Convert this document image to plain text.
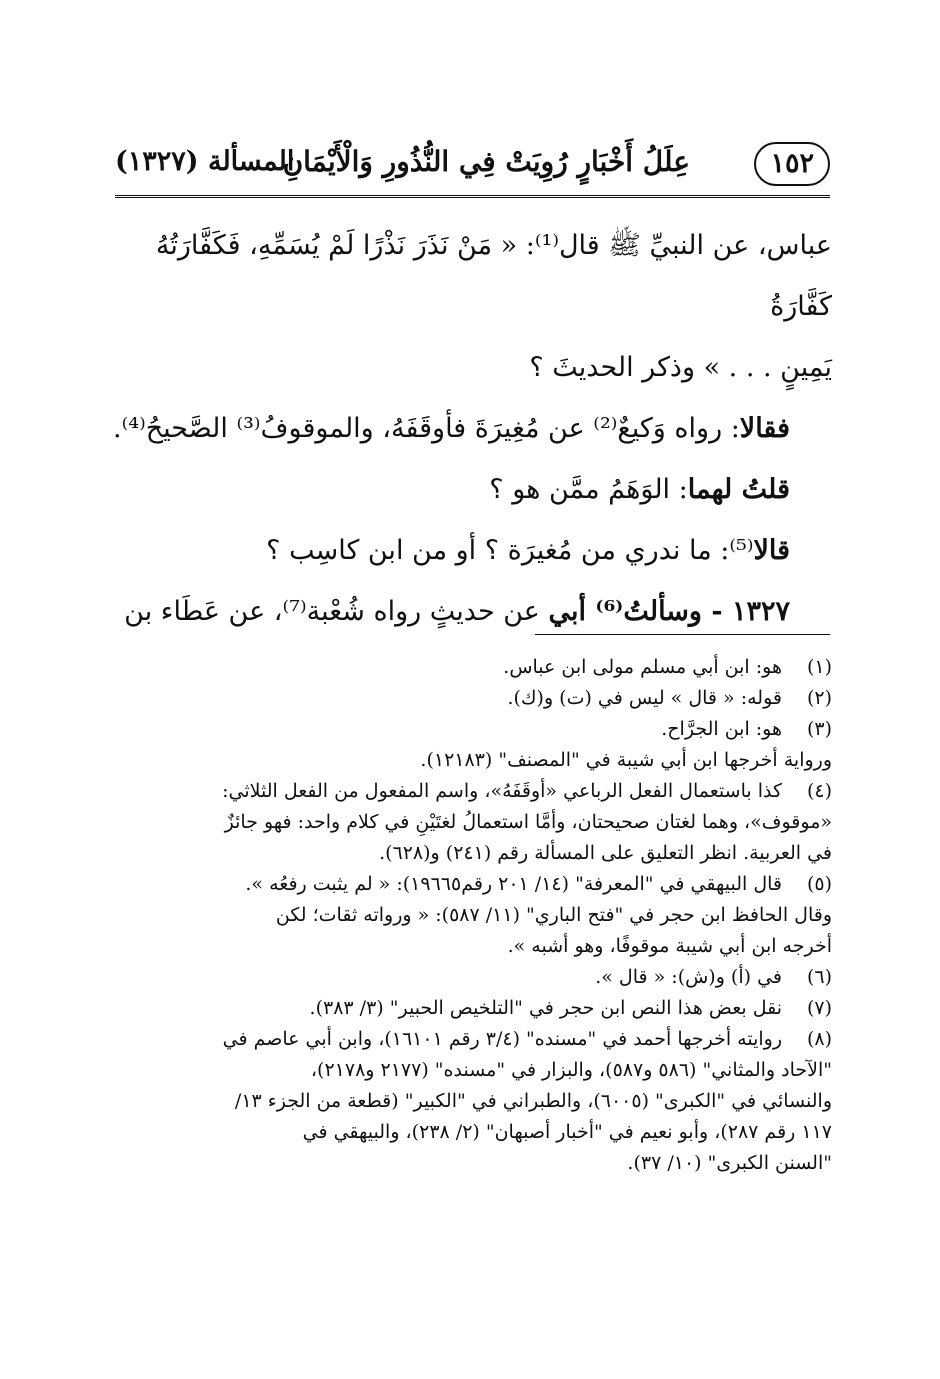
١٥٢
عِلَلُ أَخْبَارٍ رُوِيَتْ فِي النُّذُورِ وَالْأَيْمَانِ
المسألة (١٣٢٧)

عباس، عن النبيِّ ﷺ قال⁽¹⁾: « مَنْ نَذَرَ نَذْرًا لَمْ يُسَمِّهِ، فَكَفَّارَتُهُ كَفَّارَةُ

يَمِينٍ . . . » وذكر الحديثَ ؟

فقالا: رواه وَكيعٌ⁽²⁾ عن مُغِيرَةَ فأوقَفَهُ، والموقوفُ⁽³⁾ الصَّحيحُ⁽⁴⁾.

قلتُ لهما: الوَهَمُ ممَّن هو ؟

قالا⁽⁵⁾: ما ندري من مُغيرَة ؟ أو من ابن كاسِب ؟

١٣٢٧ - وسألتُ⁽⁶⁾ أبي عن حديثٍ رواه شُعْبة⁽⁷⁾، عن عَطَاء بن

(١)
هو: ابن أبي مسلم مولى ابن عباس.
(٢)
قوله: « قال » ليس في (ت) و(ك).
(٣)
هو: ابن الجرَّاح.
ورواية أخرجها ابن أبي شيبة في "المصنف" (١٢١٨٣).
(٤)
كذا باستعمال الفعل الرباعي «أوقَفَهُ»، واسم المفعول من الفعل الثلاثي:
«موقوف»، وهما لغتان صحيحتان، وأمَّا استعمالُ لغتَيْنِ في كلام واحد: فهو جائزٌ
في العربية. انظر التعليق على المسألة رقم (٢٤١) و(٦٢٨).
(٥)
قال البيهقي في "المعرفة" (١٤/ ٢٠١ رقم١٩٦٦٥): « لم يثبت رفعُه ».
وقال الحافظ ابن حجر في "فتح الباري" (١١/ ٥٨٧): « ورواته ثقات؛ لكن
أخرجه ابن أبي شيبة موقوفًا، وهو أشبه ».
(٦)
في (أ) و(ش): « قال ».
(٧)
نقل بعض هذا النص ابن حجر في "التلخيص الحبير" (٣/ ٣٨٣).
(٨)
روايته أخرجها أحمد في "مسنده" (٣/٤ رقم ١٦١٠١)، وابن أبي عاصم في
"الآحاد والمثاني" (٥٨٦ و٥٨٧)، والبزار في "مسنده" (٢١٧٧ و٢١٧٨)،
والنسائي في "الكبرى" (٦٠٠٥)، والطبراني في "الكبير" (قطعة من الجزء ١٣/
١١٧ رقم ٢٨٧)، وأبو نعيم في "أخبار أصبهان" (٢/ ٢٣٨)، والبيهقي في
"السنن الكبرى" (١٠/ ٣٧).
